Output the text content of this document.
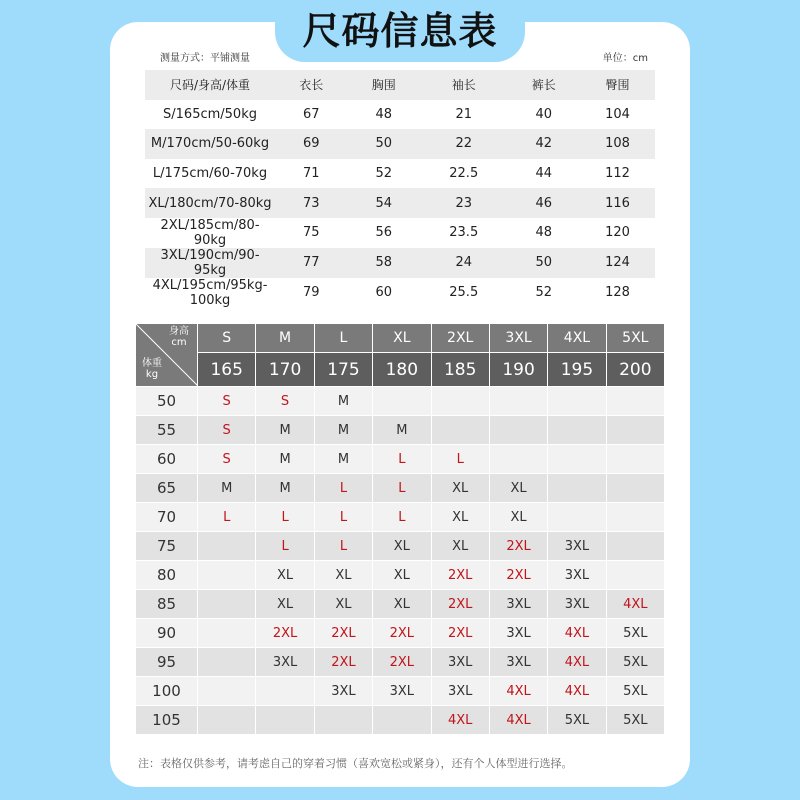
尺码信息表
测量方式：平铺测量	单位：cm
尺码/身高/体重	衣长	胸围	袖长	裤长	臀围
S/165cm/50kg	67	48	21	40	104
M/170cm/50-60kg	69	50	22	42	108
L/175cm/60-70kg	71	52	22.5	44	112
XL/180cm/70-80kg	73	54	23	46	116
2XL/185cm/80-90kg	75	56	23.5	48	120
3XL/190cm/90-95kg	77	58	24	50	124
4XL/195cm/95kg-100kg	79	60	25.5	52	128
身高
cm
体重
kg	S	M	L	XL	2XL	3XL	4XL	5XL
	165	170	175	180	185	190	195	200
50	S	S	M					
55	S	M	M	M				
60	S	M	M	L	L			
65	M	M	L	L	XL	XL		
70	L	L	L	L	XL	XL		
75		L	L	XL	XL	2XL	3XL	
80		XL	XL	XL	2XL	2XL	3XL	
85		XL	XL	XL	2XL	3XL	3XL	4XL
90		2XL	2XL	2XL	2XL	3XL	4XL	5XL
95		3XL	2XL	2XL	3XL	3XL	4XL	5XL
100			3XL	3XL	3XL	4XL	4XL	5XL
105					4XL	4XL	5XL	5XL
注：表格仅供参考，请考虑自己的穿着习惯（喜欢宽松或紧身），还有个人体型进行选择。
